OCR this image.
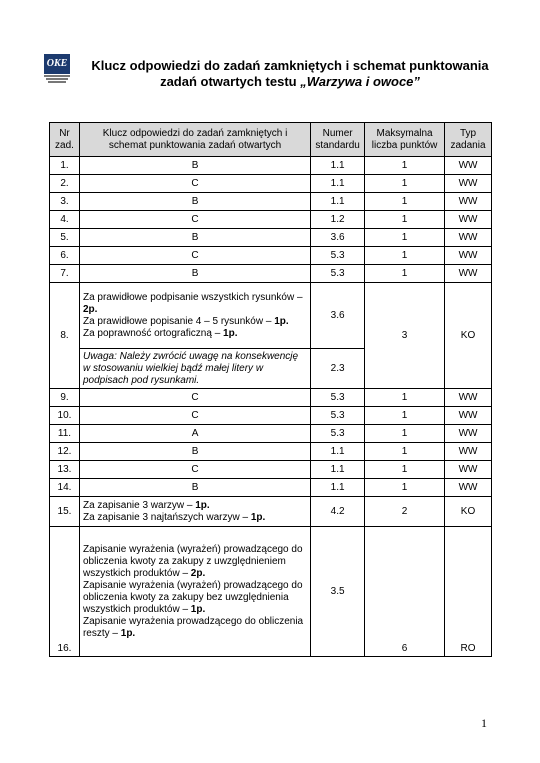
OKE	Klucz odpowiedzi do zadań zamkniętych i schemat punktowania
zadań otwartych testu „Warzywa i owoce”
Nr zad.	Klucz odpowiedzi do zadań zamkniętych i schemat punktowania zadań otwartych	Numer standardu	Maksymalna liczba punktów	Typ zadania
1.	B	1.1	1	WW
2.	C	1.1	1	WW
3.	B	1.1	1	WW
4.	C	1.2	1	WW
5.	B	3.6	1	WW
6.	C	5.3	1	WW
7.	B	5.3	1	WW
8.	Za prawidłowe podpisanie wszystkich rysunków – 2p.
Za prawidłowe popisanie 4 – 5 rysunków – 1p.
Za poprawność ortograficzną – 1p.	3.6	3	KO
	Uwaga: Należy zwrócić uwagę na konsekwencję w stosowaniu wielkiej bądź małej litery w podpisach pod rysunkami.	2.3		
9.	C	5.3	1	WW
10.	C	5.3	1	WW
11.	A	5.3	1	WW
12.	B	1.1	1	WW
13.	C	1.1	1	WW
14.	B	1.1	1	WW
15.	Za zapisanie 3 warzyw – 1p.
Za zapisanie 3 najtańszych warzyw – 1p.	4.2	2	KO
16.	Zapisanie wyrażenia (wyrażeń) prowadzącego do obliczenia kwoty za zakupy z uwzględnieniem wszystkich produktów – 2p.
Zapisanie wyrażenia (wyrażeń) prowadzącego do obliczenia kwoty za zakupy bez uwzględnienia wszystkich produktów – 1p.
Zapisanie wyrażenia prowadzącego do obliczenia reszty – 1p.	3.5	6	RO
1
